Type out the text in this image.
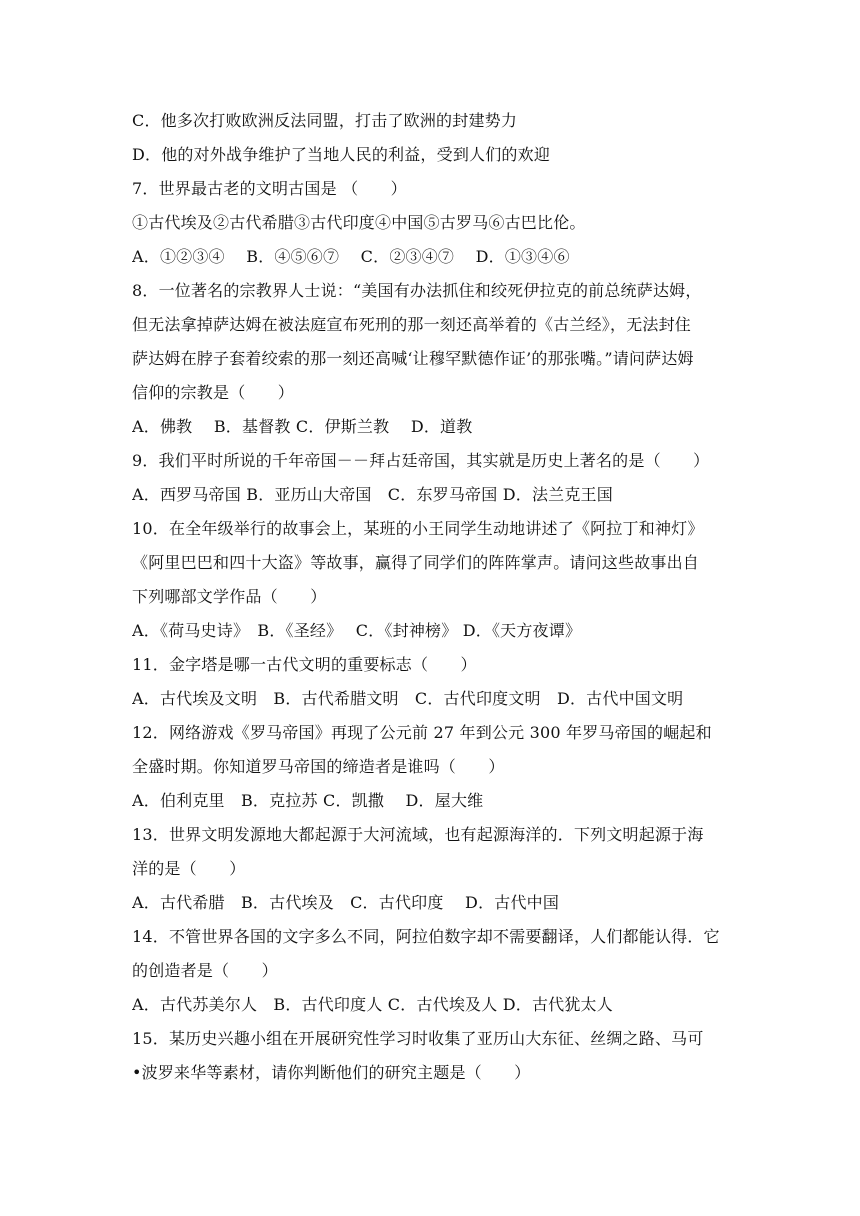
C．他多次打败欧洲反法同盟，打击了欧洲的封建势力
D．他的对外战争维护了当地人民的利益，受到人们的欢迎
7．世界最古老的文明古国是 （　　）
①古代埃及②古代希腊③古代印度④中国⑤古罗马⑥古巴比伦。
A．①②③④　 B．④⑤⑥⑦　 C．②③④⑦　 D．①③④⑥
8．一位著名的宗教界人士说：“美国有办法抓住和绞死伊拉克的前总统萨达姆，
但无法拿掉萨达姆在被法庭宣布死刑的那一刻还高举着的《古兰经》，无法封住
萨达姆在脖子套着绞索的那一刻还高喊‘让穆罕默德作证’的那张嘴。”请问萨达姆
信仰的宗教是（　　）
A．佛教　 B．基督教 C．伊斯兰教　 D．道教
9．我们平时所说的千年帝国－－拜占廷帝国，其实就是历史上著名的是（　　）
A．西罗马帝国 B．亚历山大帝国　C．东罗马帝国 D．法兰克王国
10．在全年级举行的故事会上，某班的小王同学生动地讲述了《阿拉丁和神灯》
《阿里巴巴和四十大盗》等故事，赢得了同学们的阵阵掌声。请问这些故事出自
下列哪部文学作品（　　）
A．《荷马史诗》　B．《圣经》　 C．《封神榜》 D．《天方夜谭》
11．金字塔是哪一古代文明的重要标志（　　）
A．古代埃及文明　B．古代希腊文明　C．古代印度文明　D．古代中国文明
12．网络游戏《罗马帝国》再现了公元前 27 年到公元 300 年罗马帝国的崛起和
全盛时期。你知道罗马帝国的缔造者是谁吗（　　）
A．伯利克里　B．克拉苏 C．凯撒　 D．屋大维
13．世界文明发源地大都起源于大河流域，也有起源海洋的．下列文明起源于海
洋的是（　　）
A．古代希腊　B．古代埃及　C．古代印度　 D．古代中国
14．不管世界各国的文字多么不同，阿拉伯数字却不需要翻译，人们都能认得．它
的创造者是（　　）
A．古代苏美尔人　B．古代印度人 C．古代埃及人 D．古代犹太人
15．某历史兴趣小组在开展研究性学习时收集了亚历山大东征、丝绸之路、马可
•波罗来华等素材，请你判断他们的研究主题是（　　）
